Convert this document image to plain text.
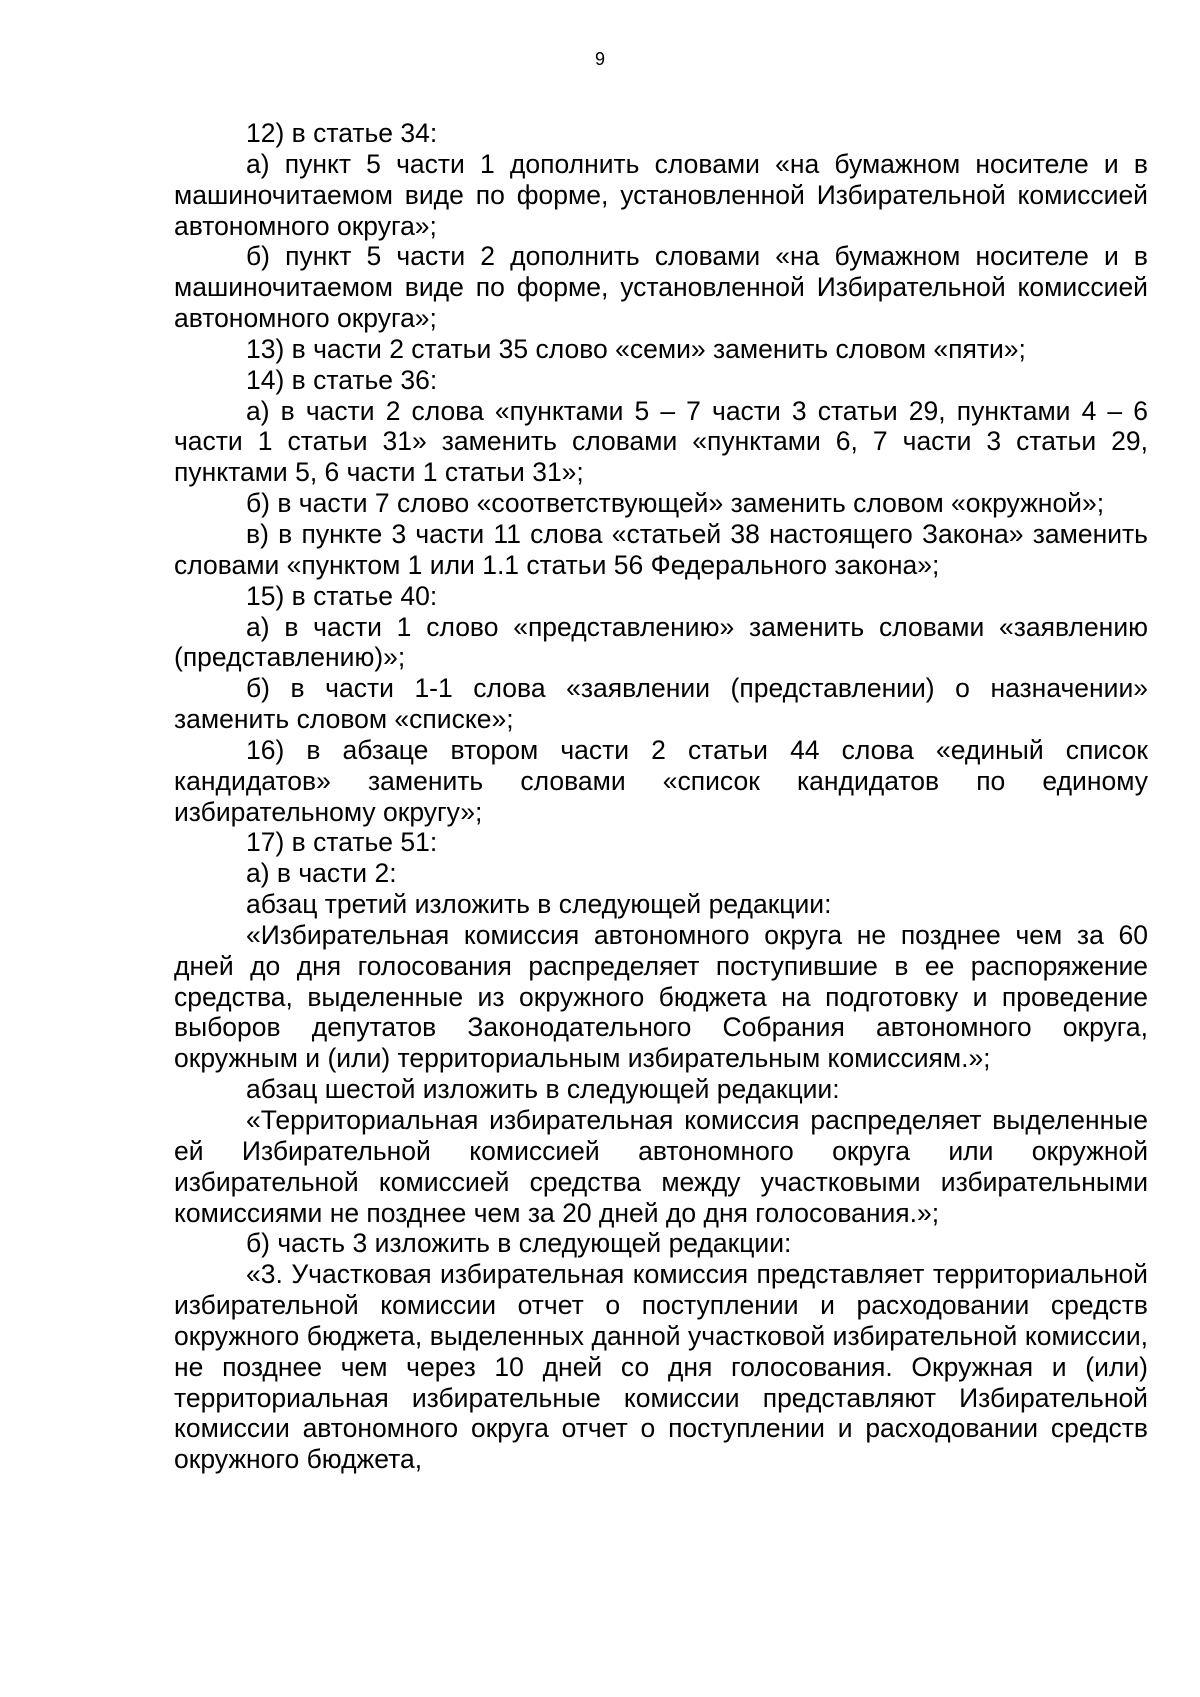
9

12) в статье 34:

а) пункт 5 части 1 дополнить словами «на бумажном носителе и в машиночитаемом виде по форме, установленной Избирательной комиссией автономного округа»;

б) пункт 5 части 2 дополнить словами «на бумажном носителе и в машиночитаемом виде по форме, установленной Избирательной комиссией автономного округа»;

13) в части 2 статьи 35 слово «семи» заменить словом «пяти»;

14) в статье 36:

а) в части 2 слова «пунктами 5 – 7 части 3 статьи 29, пунктами 4 – 6 части 1 статьи 31» заменить словами «пунктами 6, 7 части 3 статьи 29, пунктами 5, 6 части 1 статьи 31»;

б) в части 7 слово «соответствующей» заменить словом «окружной»;

в) в пункте 3 части 11 слова «статьей 38 настоящего Закона» заменить словами «пунктом 1 или 1.1 статьи 56 Федерального закона»;

15) в статье 40:

а) в части 1 слово «представлению» заменить словами «заявлению (представлению)»;

б) в части 1-1 слова «заявлении (представлении) о назначении» заменить словом «списке»;

16) в абзаце втором части 2 статьи 44 слова «единый список кандидатов» заменить словами «список кандидатов по единому избирательному округу»;

17) в статье 51:

а) в части 2:

абзац третий изложить в следующей редакции:

«Избирательная комиссия автономного округа не позднее чем за 60 дней до дня голосования распределяет поступившие в ее распоряжение средства, выделенные из окружного бюджета на подготовку и проведение выборов депутатов Законодательного Собрания автономного округа, окружным и (или) территориальным избирательным комиссиям.»;

абзац шестой изложить в следующей редакции:

«Территориальная избирательная комиссия распределяет выделенные ей Избирательной комиссией автономного округа или окружной избирательной комиссией средства между участковыми избирательными комиссиями не позднее чем за 20 дней до дня голосования.»;

б) часть 3 изложить в следующей редакции:

«3. Участковая избирательная комиссия представляет территориальной избирательной комиссии отчет о поступлении и расходовании средств окружного бюджета, выделенных данной участковой избирательной комиссии, не позднее чем через 10 дней со дня голосования. Окружная и (или) территориальная избирательные комиссии представляют Избирательной комиссии автономного округа отчет о поступлении и расходовании средств окружного бюджета,
